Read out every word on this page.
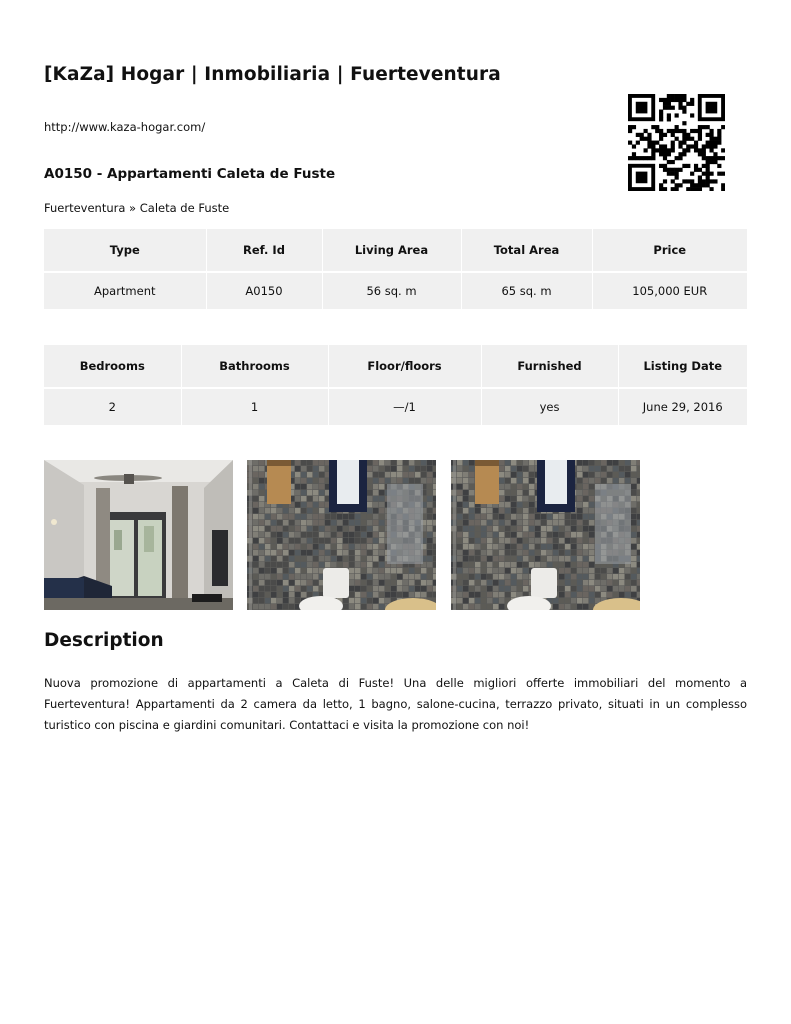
[KaZa] Hogar | Inmobiliaria | Fuerteventura
http://www.kaza-hogar.com/
A0150 - Appartamenti Caleta de Fuste
Fuerteventura » Caleta de Fuste
Type	Ref. Id	Living Area	Total Area	Price
Apartment	A0150	56 sq. m	65 sq. m	105,000 EUR
Bedrooms	Bathrooms	Floor/floors	Furnished	Listing Date
2	1	—/1	yes	June 29, 2016
Description
Nuova promozione di appartamenti a Caleta di Fuste! Una delle migliori offerte immobiliari del momento a Fuerteventura! Appartamenti da 2 camera da letto, 1 bagno, salone-cucina, terrazzo privato, situati in un complesso turistico con piscina e giardini comunitari. Contattaci e visita la promozione con noi!
